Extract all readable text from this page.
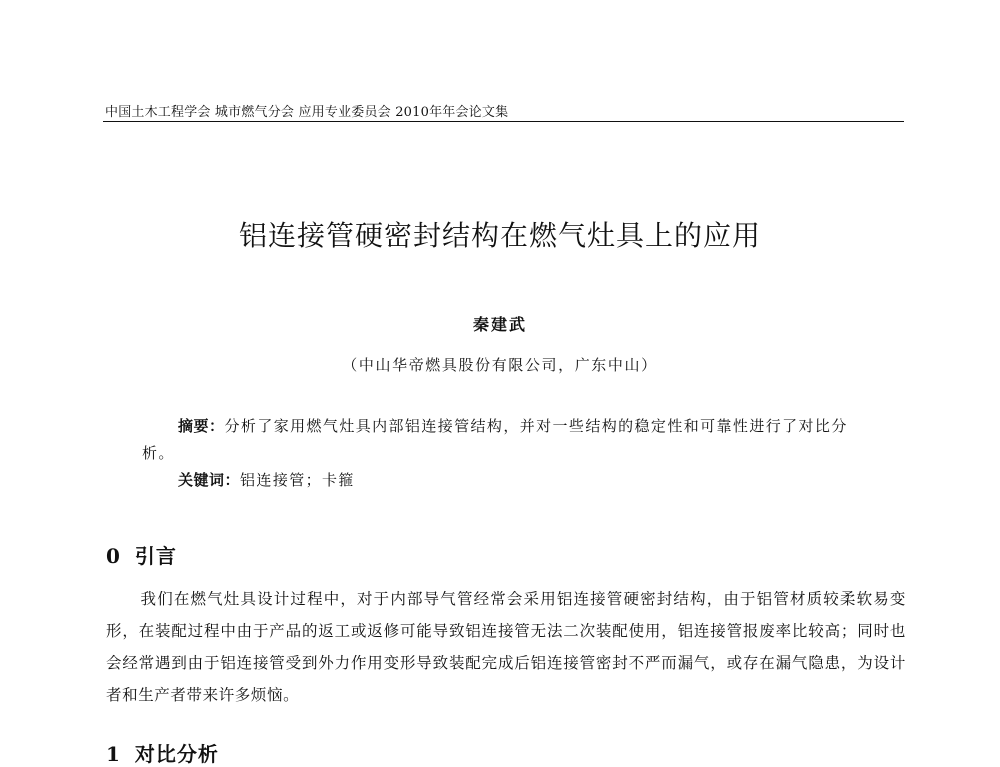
中国土木工程学会 城市燃气分会 应用专业委员会 2010年年会论文集
铝连接管硬密封结构在燃气灶具上的应用
秦建武
（中山华帝燃具股份有限公司，广东中山）
摘要：分析了家用燃气灶具内部铝连接管结构，并对一些结构的稳定性和可靠性进行了对比分析。
关键词：铝连接管；卡箍
0 引言
我们在燃气灶具设计过程中，对于内部导气管经常会采用铝连接管硬密封结构，由于铝管材质较柔软易变形，在装配过程中由于产品的返工或返修可能导致铝连接管无法二次装配使用，铝连接管报废率比较高；同时也会经常遇到由于铝连接管受到外力作用变形导致装配完成后铝连接管密封不严而漏气，或存在漏气隐患，为设计者和生产者带来许多烦恼。
1 对比分析
